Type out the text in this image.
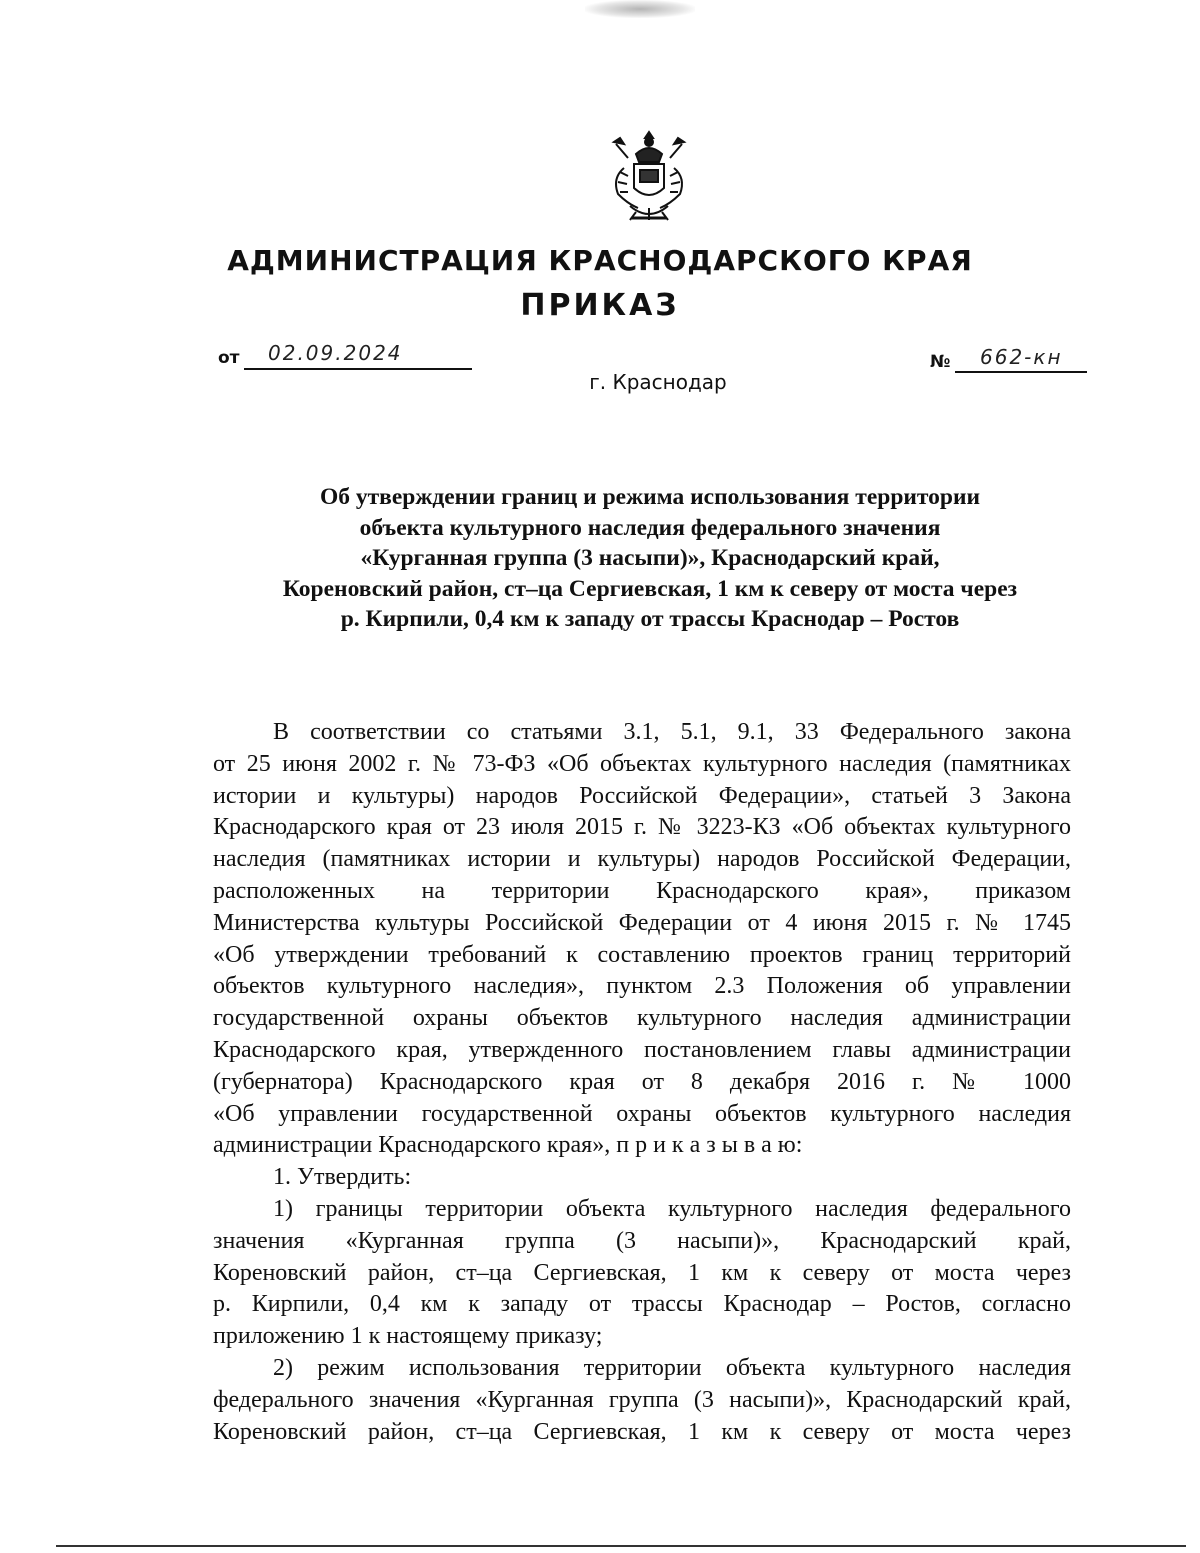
АДМИНИСТРАЦИЯ КРАСНОДАРСКОГО КРАЯ
ПРИКАЗ
от 02.09.2024	№ 662-кн
г. Краснодар
Об утверждении границ и режима использования территории
объекта культурного наследия федерального значения
«Курганная группа (3 насыпи)», Краснодарский край,
Кореновский район, ст–ца Сергиевская, 1 км к северу от моста через
р. Кирпили, 0,4 км к западу от трассы Краснодар – Ростов
В соответствии со статьями 3.1, 5.1, 9.1, 33 Федерального закона
от 25 июня 2002 г. № 73-ФЗ «Об объектах культурного наследия (памятниках
истории и культуры) народов Российской Федерации», статьей 3 Закона
Краснодарского края от 23 июля 2015 г. № 3223-КЗ «Об объектах культурного
наследия (памятниках истории и культуры) народов Российской Федерации,
расположенных на территории Краснодарского края», приказом
Министерства культуры Российской Федерации от 4 июня 2015 г. № 1745
«Об утверждении требований к составлению проектов границ территорий
объектов культурного наследия», пунктом 2.3 Положения об управлении
государственной охраны объектов культурного наследия администрации
Краснодарского края, утвержденного постановлением главы администрации
(губернатора) Краснодарского края от 8 декабря 2016 г. № 1000
«Об управлении государственной охраны объектов культурного наследия
администрации Краснодарского края», п р и к а з ы в а ю:
1. Утвердить:
1) границы территории объекта культурного наследия федерального
значения «Курганная группа (3 насыпи)», Краснодарский край,
Кореновский район, ст–ца Сергиевская, 1 км к северу от моста через
р. Кирпили, 0,4 км к западу от трассы Краснодар – Ростов, согласно
приложению 1 к настоящему приказу;
2) режим использования территории объекта культурного наследия
федерального значения «Курганная группа (3 насыпи)», Краснодарский край,
Кореновский район, ст–ца Сергиевская, 1 км к северу от моста через
